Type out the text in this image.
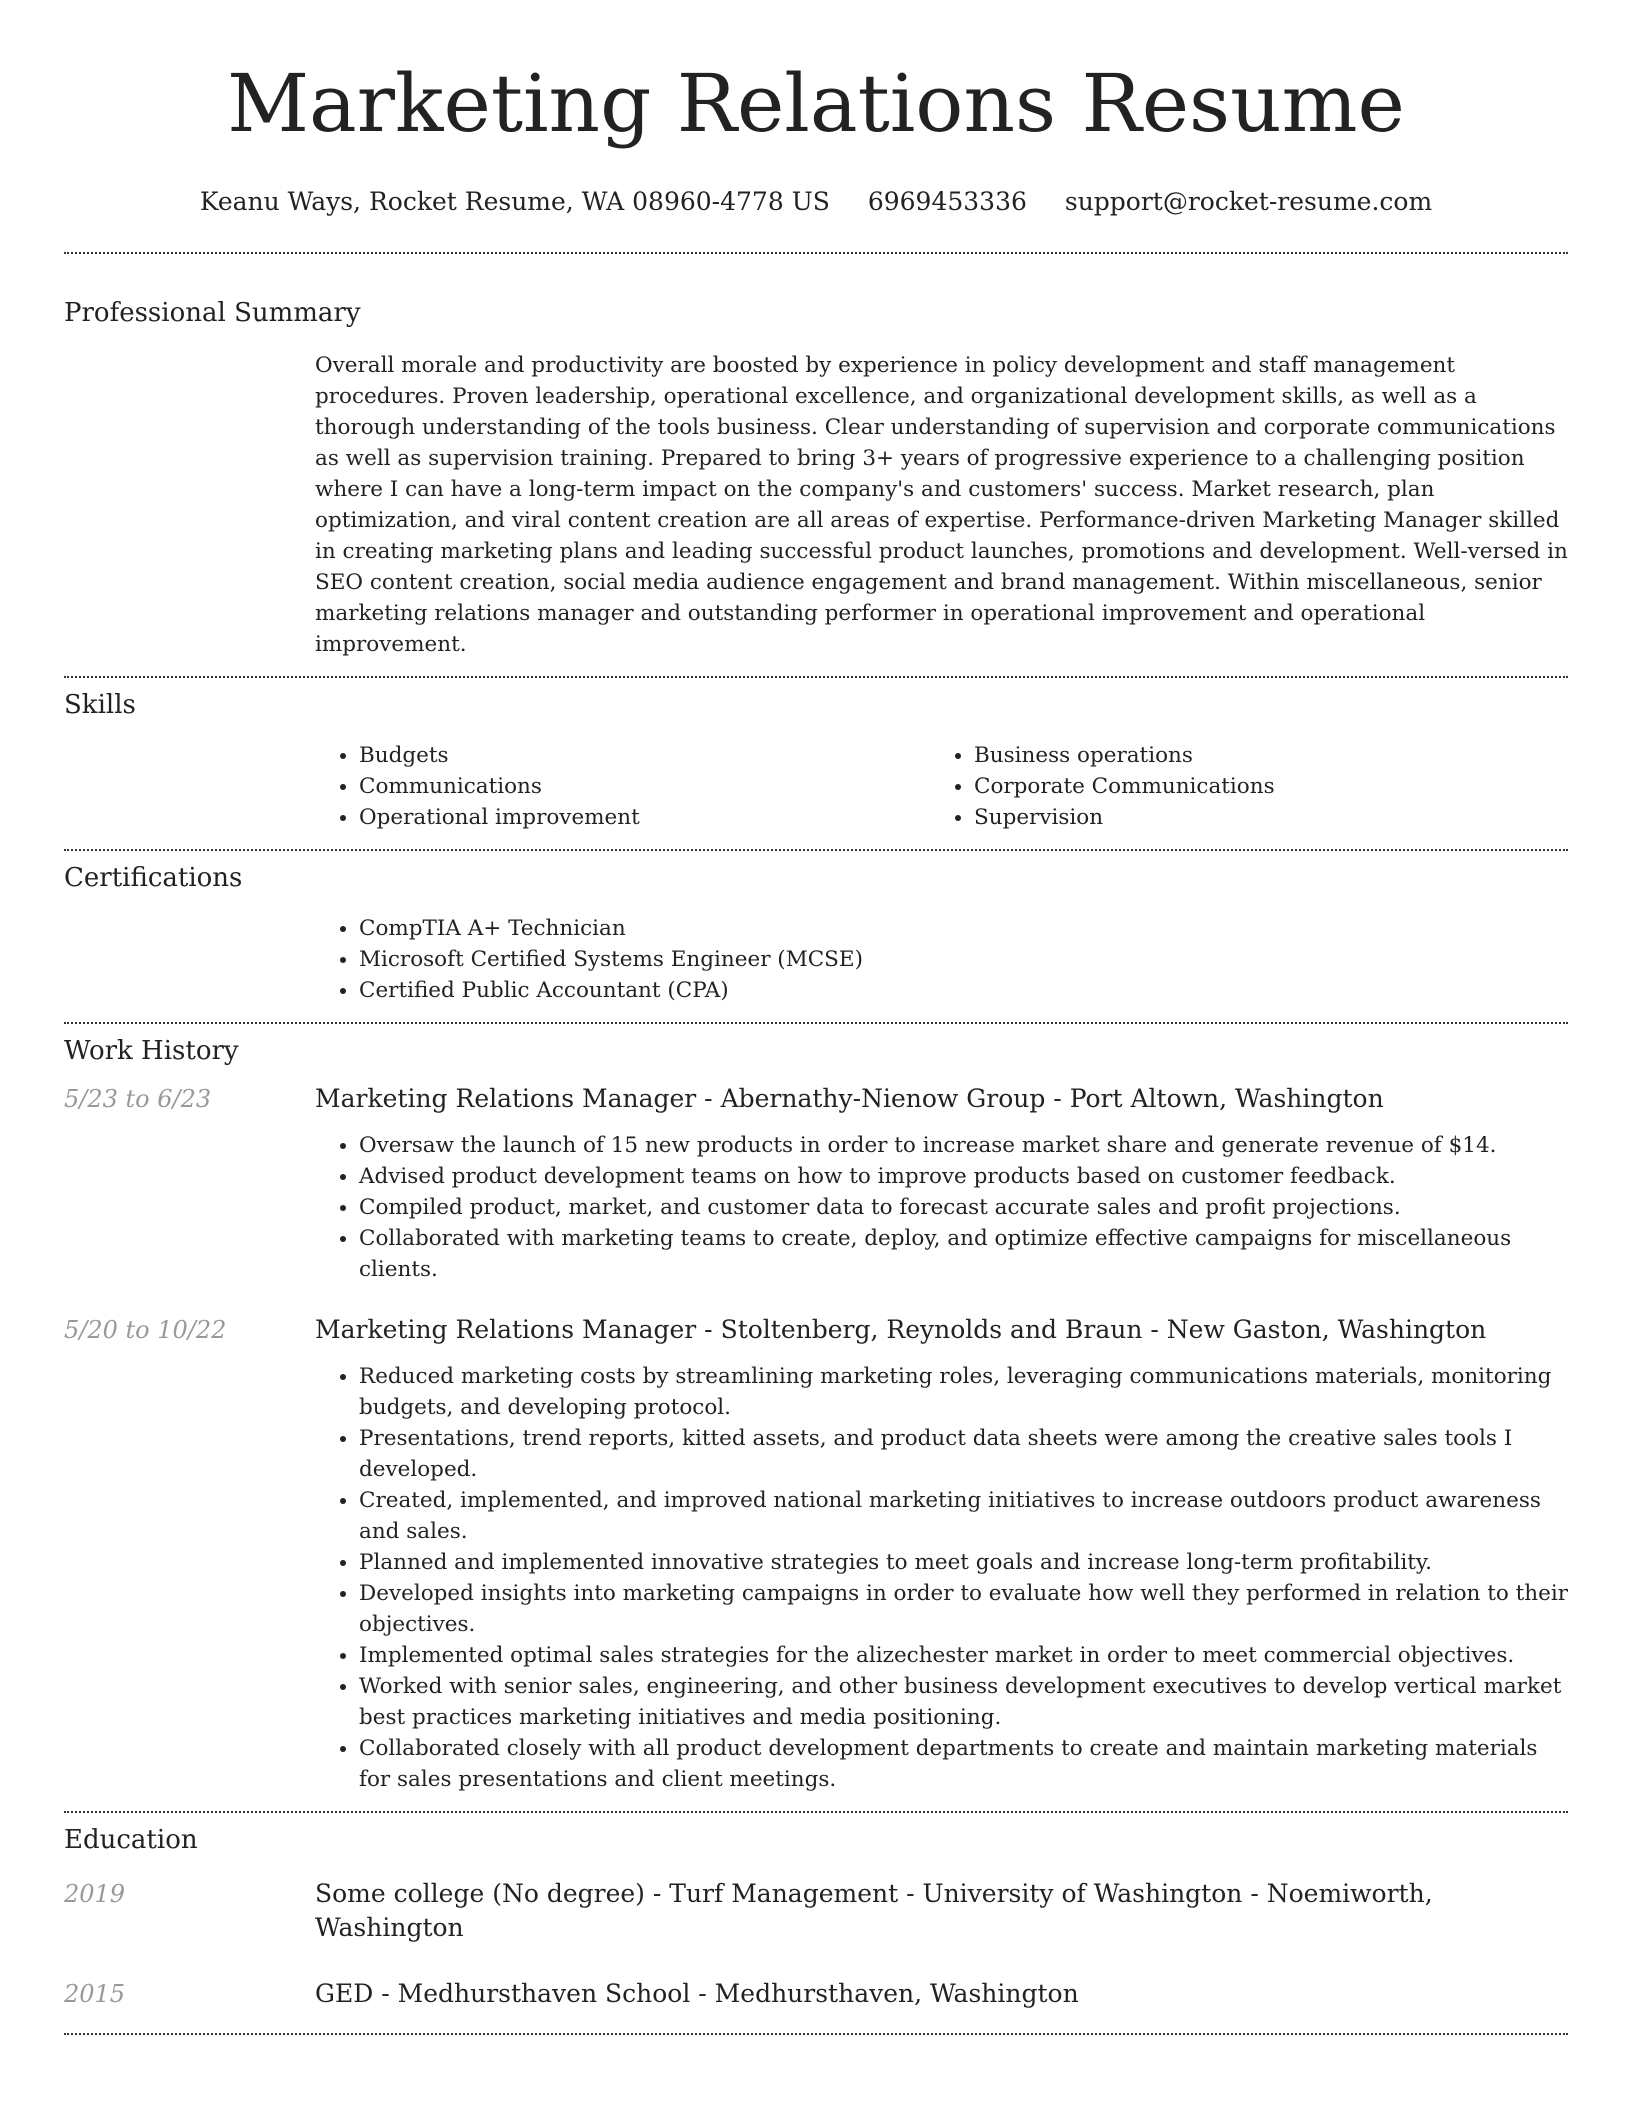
Marketing Relations Resume
Keanu Ways, Rocket Resume, WA 08960-4778 US 6969453336 support@rocket-resume.com
Professional Summary

Overall morale and productivity are boosted by experience in policy development and staff management procedures. Proven leadership, operational excellence, and organizational development skills, as well as a thorough understanding of the tools business. Clear understanding of supervision and corporate communications as well as supervision training. Prepared to bring 3+ years of progressive experience to a challenging position where I can have a long-term impact on the company's and customers' success. Market research, plan optimization, and viral content creation are all areas of expertise. Performance-driven Marketing Manager skilled in creating marketing plans and leading successful product launches, promotions and development. Well-versed in SEO content creation, social media audience engagement and brand management. Within miscellaneous, senior marketing relations manager and outstanding performer in operational improvement and operational improvement.

Skills
• Budgets
• Communications
• Operational improvement
• Business operations
• Corporate Communications
• Supervision
Certifications
• CompTIA A+ Technician
• Microsoft Certified Systems Engineer (MCSE)
• Certified Public Accountant (CPA)
Work History
5/23 to 6/23	Marketing Relations Manager - Abernathy-Nienow Group - Port Altown, Washington
• Oversaw the launch of 15 new products in order to increase market share and generate revenue of $14.
• Advised product development teams on how to improve products based on customer feedback.
• Compiled product, market, and customer data to forecast accurate sales and profit projections.
• Collaborated with marketing teams to create, deploy, and optimize effective campaigns for miscellaneous clients.
5/20 to 10/22	Marketing Relations Manager - Stoltenberg, Reynolds and Braun - New Gaston, Washington
• Reduced marketing costs by streamlining marketing roles, leveraging communications materials, monitoring budgets, and developing protocol.
• Presentations, trend reports, kitted assets, and product data sheets were among the creative sales tools I developed.
• Created, implemented, and improved national marketing initiatives to increase outdoors product awareness and sales.
• Planned and implemented innovative strategies to meet goals and increase long-term profitability.
• Developed insights into marketing campaigns in order to evaluate how well they performed in relation to their objectives.
• Implemented optimal sales strategies for the alizechester market in order to meet commercial objectives.
• Worked with senior sales, engineering, and other business development executives to develop vertical market best practices marketing initiatives and media positioning.
• Collaborated closely with all product development departments to create and maintain marketing materials for sales presentations and client meetings.
Education
2019	Some college (No degree) - Turf Management - University of Washington - Noemiworth, Washington
2015	GED - Medhursthaven School - Medhursthaven, Washington
